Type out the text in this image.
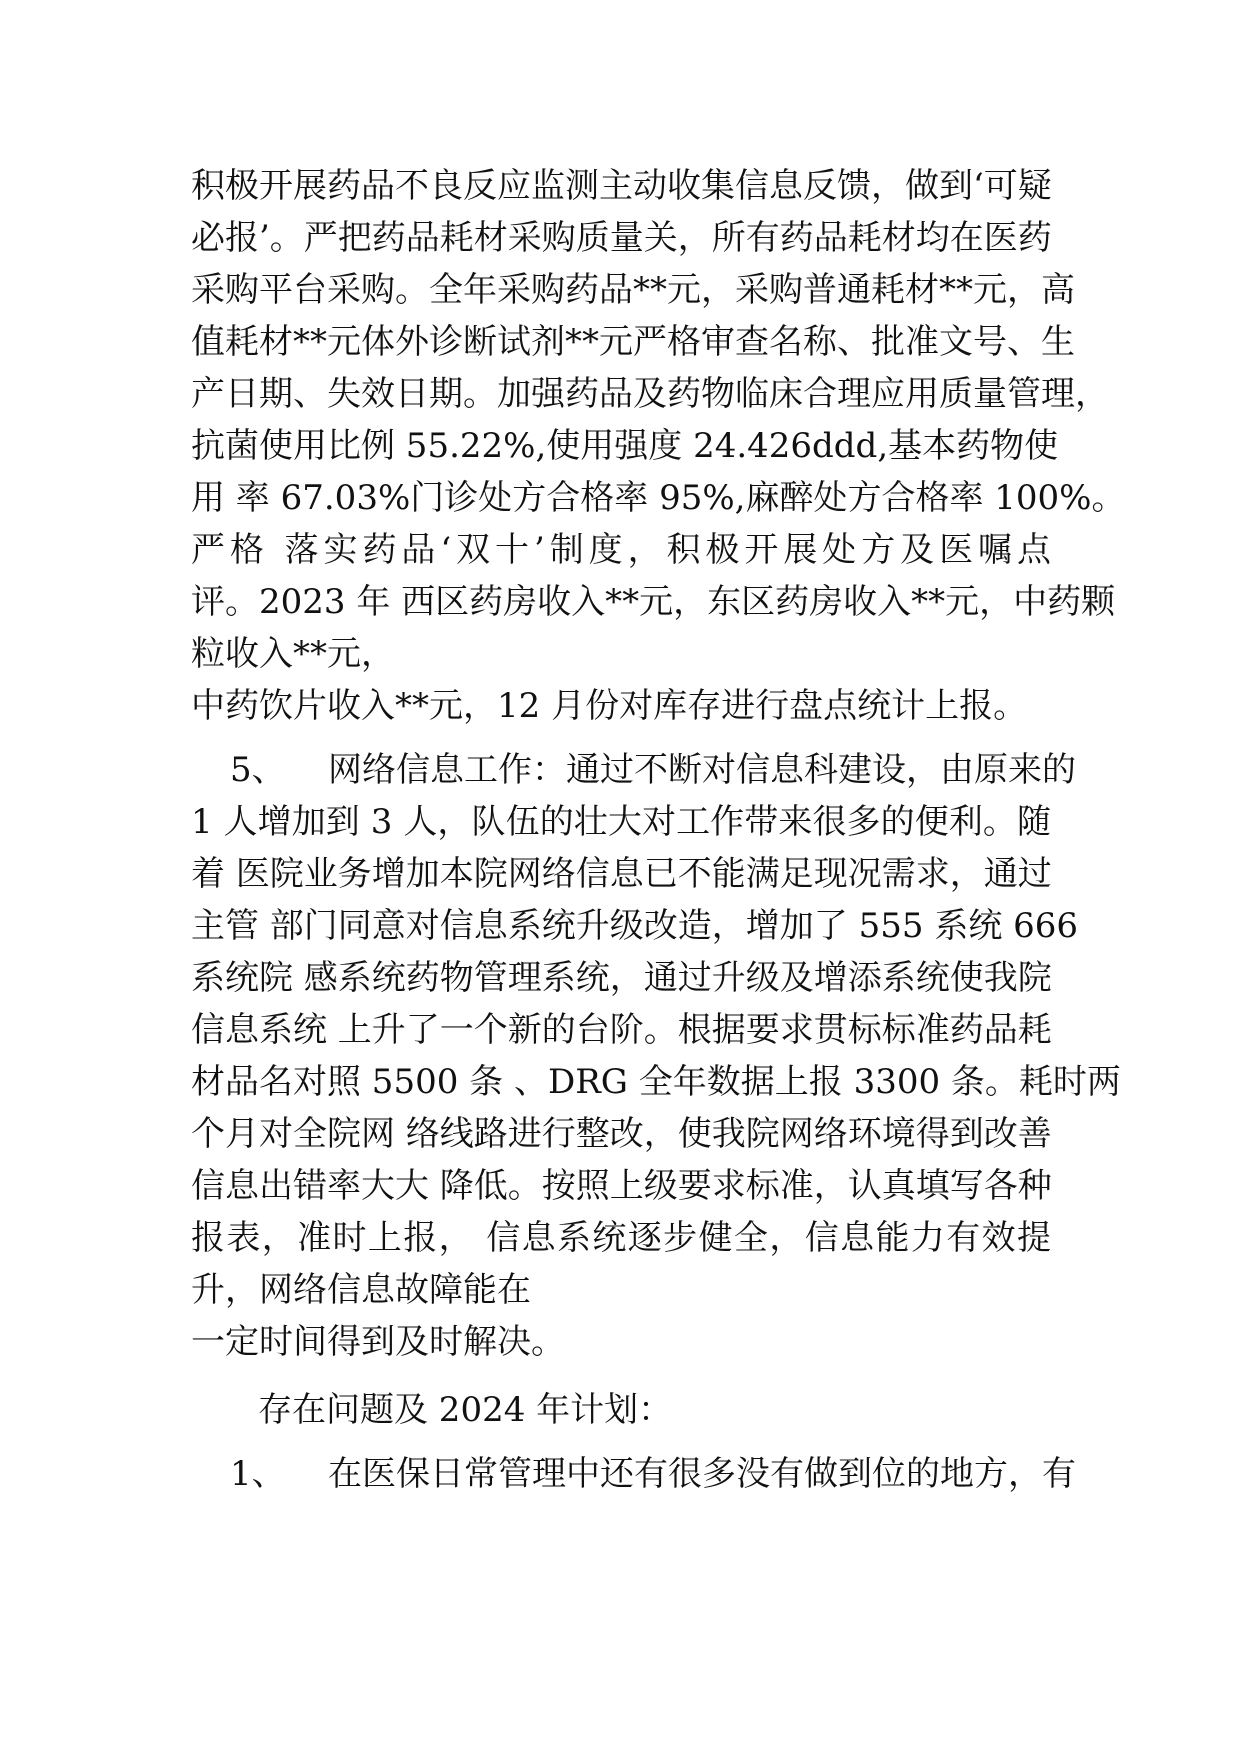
积极开展药品不良反应监测主动收集信息反馈，做到‘可疑
必报’。严把药品耗材采购质量关，所有药品耗材均在医药
采购平台采购。全年采购药品**元，采购普通耗材**元，高
值耗材**元体外诊断试剂**元严格审查名称、批准文号、生
产日期、失效日期。加强药品及药物临床合理应用质量管理，
抗菌使用比例 55.22%,使用强度 24.426ddd,基本药物使
用 率 67.03%门诊处方合格率 95%,麻醉处方合格率 100%。
严格 落实药品‘双十’制度，积极开展处方及医嘱点
评。2023 年 西区药房收入**元，东区药房收入**元，中药颗
粒收入**元，
中药饮片收入**元，12 月份对库存进行盘点统计上报。
5、 网络信息工作：通过不断对信息科建设，由原来的
1 人增加到 3 人，队伍的壮大对工作带来很多的便利。随
着 医院业务增加本院网络信息已不能满足现况需求，通过
主管 部门同意对信息系统升级改造，增加了 555 系统 666
系统院 感系统药物管理系统，通过升级及增添系统使我院
信息系统 上升了一个新的台阶。根据要求贯标标准药品耗
材品名对照 5500 条 、DRG 全年数据上报 3300 条。耗时两
个月对全院网 络线路进行整改，使我院网络环境得到改善
信息出错率大大 降低。按照上级要求标准，认真填写各种
报表，准时上报， 信息系统逐步健全，信息能力有效提
升，网络信息故障能在
一定时间得到及时解决。
存在问题及 2024 年计划：
1、 在医保日常管理中还有很多没有做到位的地方，有
